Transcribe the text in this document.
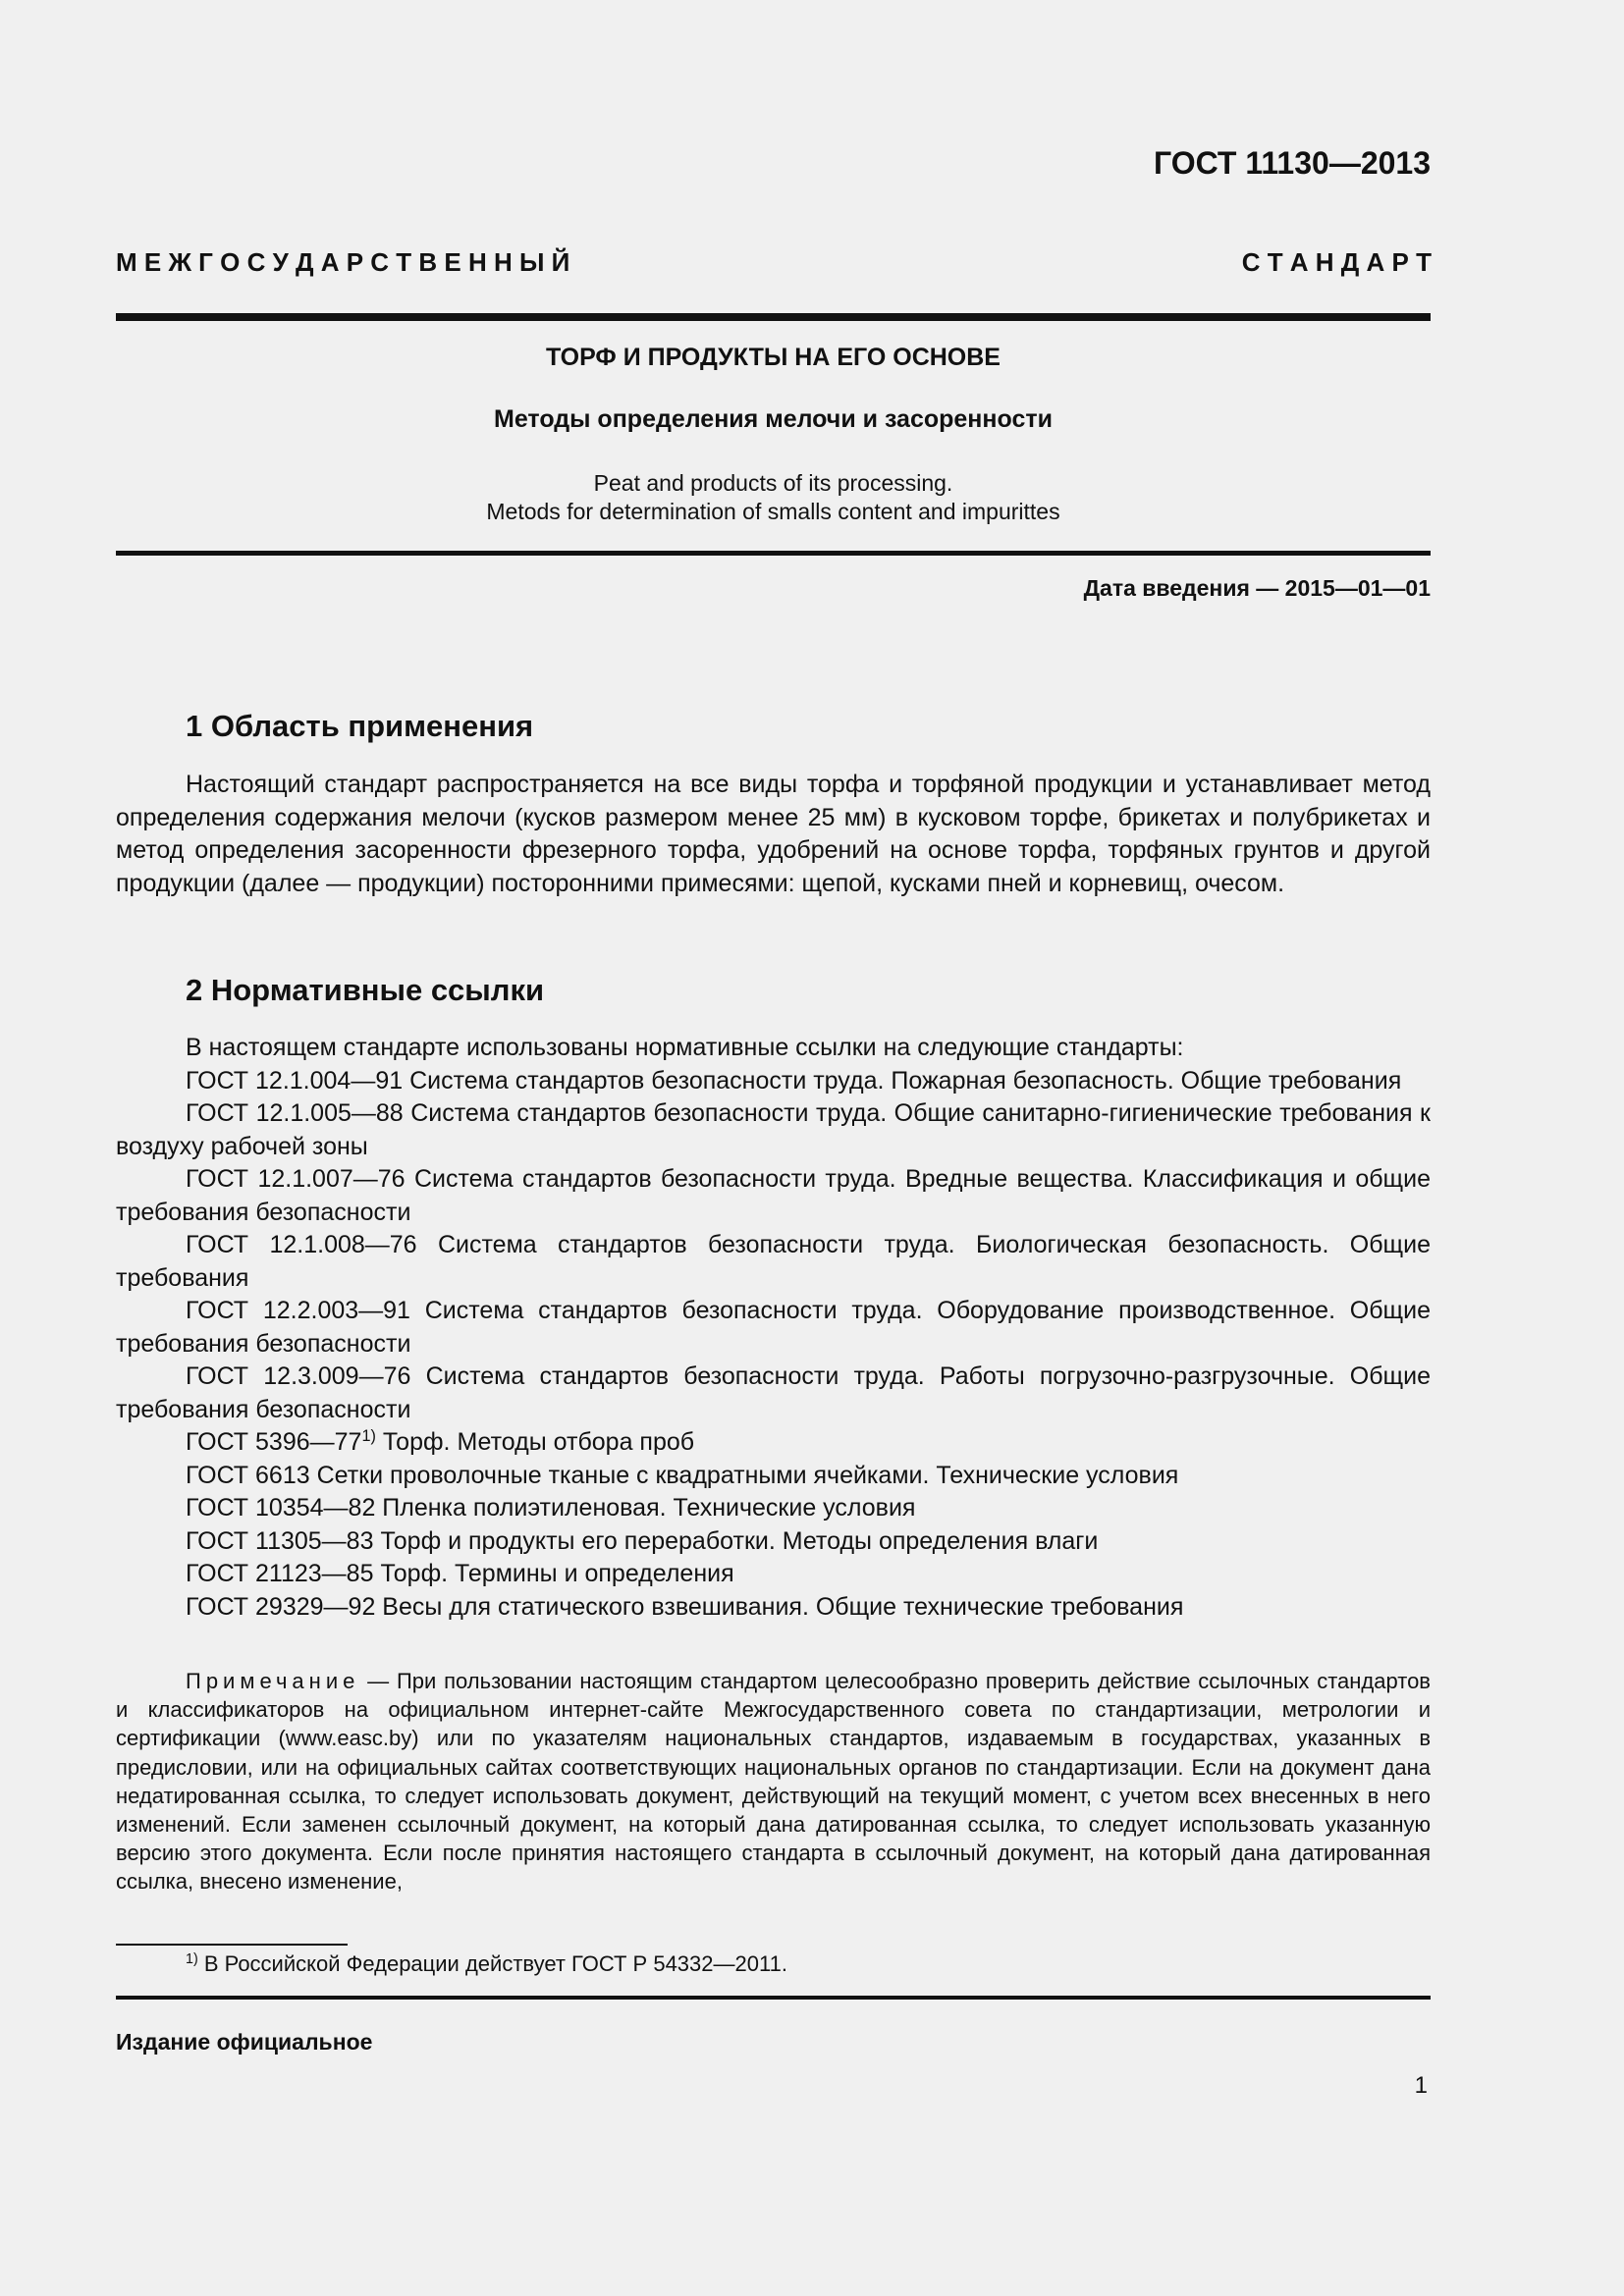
ГОСТ 11130—2013
М Е Ж Г О С У Д А Р С Т В Е Н Н Ы Й	С Т А Н Д А Р Т
ТОРФ И ПРОДУКТЫ НА ЕГО ОСНОВЕ
Методы определения мелочи и засоренности
Peat and products of its processing.
Metods for determination of smalls content and impurittes
Дата введения — 2015—01—01
1 Область применения

Настоящий стандарт распространяется на все виды торфа и торфяной продукции и устанавливает метод определения содержания мелочи (кусков размером менее 25 мм) в кусковом торфе, брикетах и полубрикетах и метод определения засоренности фрезерного торфа, удобрений на основе торфа, торфяных грунтов и другой продукции (далее — продукции) посторонними примесями: щепой, кусками пней и корневищ, очесом.

2 Нормативные ссылки

В настоящем стандарте использованы нормативные ссылки на следующие стандарты:

ГОСТ 12.1.004—91 Система стандартов безопасности труда. Пожарная безопасность. Общие требования

ГОСТ 12.1.005—88 Система стандартов безопасности труда. Общие санитарно-гигиенические требования к воздуху рабочей зоны

ГОСТ 12.1.007—76 Система стандартов безопасности труда. Вредные вещества. Классификация и общие требования безопасности

ГОСТ 12.1.008—76 Система стандартов безопасности труда. Биологическая безопасность. Общие требования

ГОСТ 12.2.003—91 Система стандартов безопасности труда. Оборудование производственное. Общие требования безопасности

ГОСТ 12.3.009—76 Система стандартов безопасности труда. Работы погрузочно-разгрузочные. Общие требования безопасности

ГОСТ 5396—77$^{1)}$ Торф. Методы отбора проб

ГОСТ 6613 Сетки проволочные тканые с квадратными ячейками. Технические условия

ГОСТ 10354—82 Пленка полиэтиленовая. Технические условия

ГОСТ 11305—83 Торф и продукты его переработки. Методы определения влаги

ГОСТ 21123—85 Торф. Термины и определения

ГОСТ 29329—92 Весы для статического взвешивания. Общие технические требования

Примечание — При пользовании настоящим стандартом целесообразно проверить действие ссылочных стандартов и классификаторов на официальном интернет-сайте Межгосударственного совета по стандартизации, метрологии и сертификации (www.easc.by) или по указателям национальных стандартов, издаваемым в государствах, указанных в предисловии, или на официальных сайтах соответствующих национальных органов по стандартизации. Если на документ дана недатированная ссылка, то следует использовать документ, действующий на текущий момент, с учетом всех внесенных в него изменений. Если заменен ссылочный документ, на который дана датированная ссылка, то следует использовать указанную версию этого документа. Если после принятия настоящего стандарта в ссылочный документ, на который дана датированная ссылка, внесено изменение,
$^{1)}$ В Российской Федерации действует ГОСТ Р 54332—2011.
Издание официальное
1
